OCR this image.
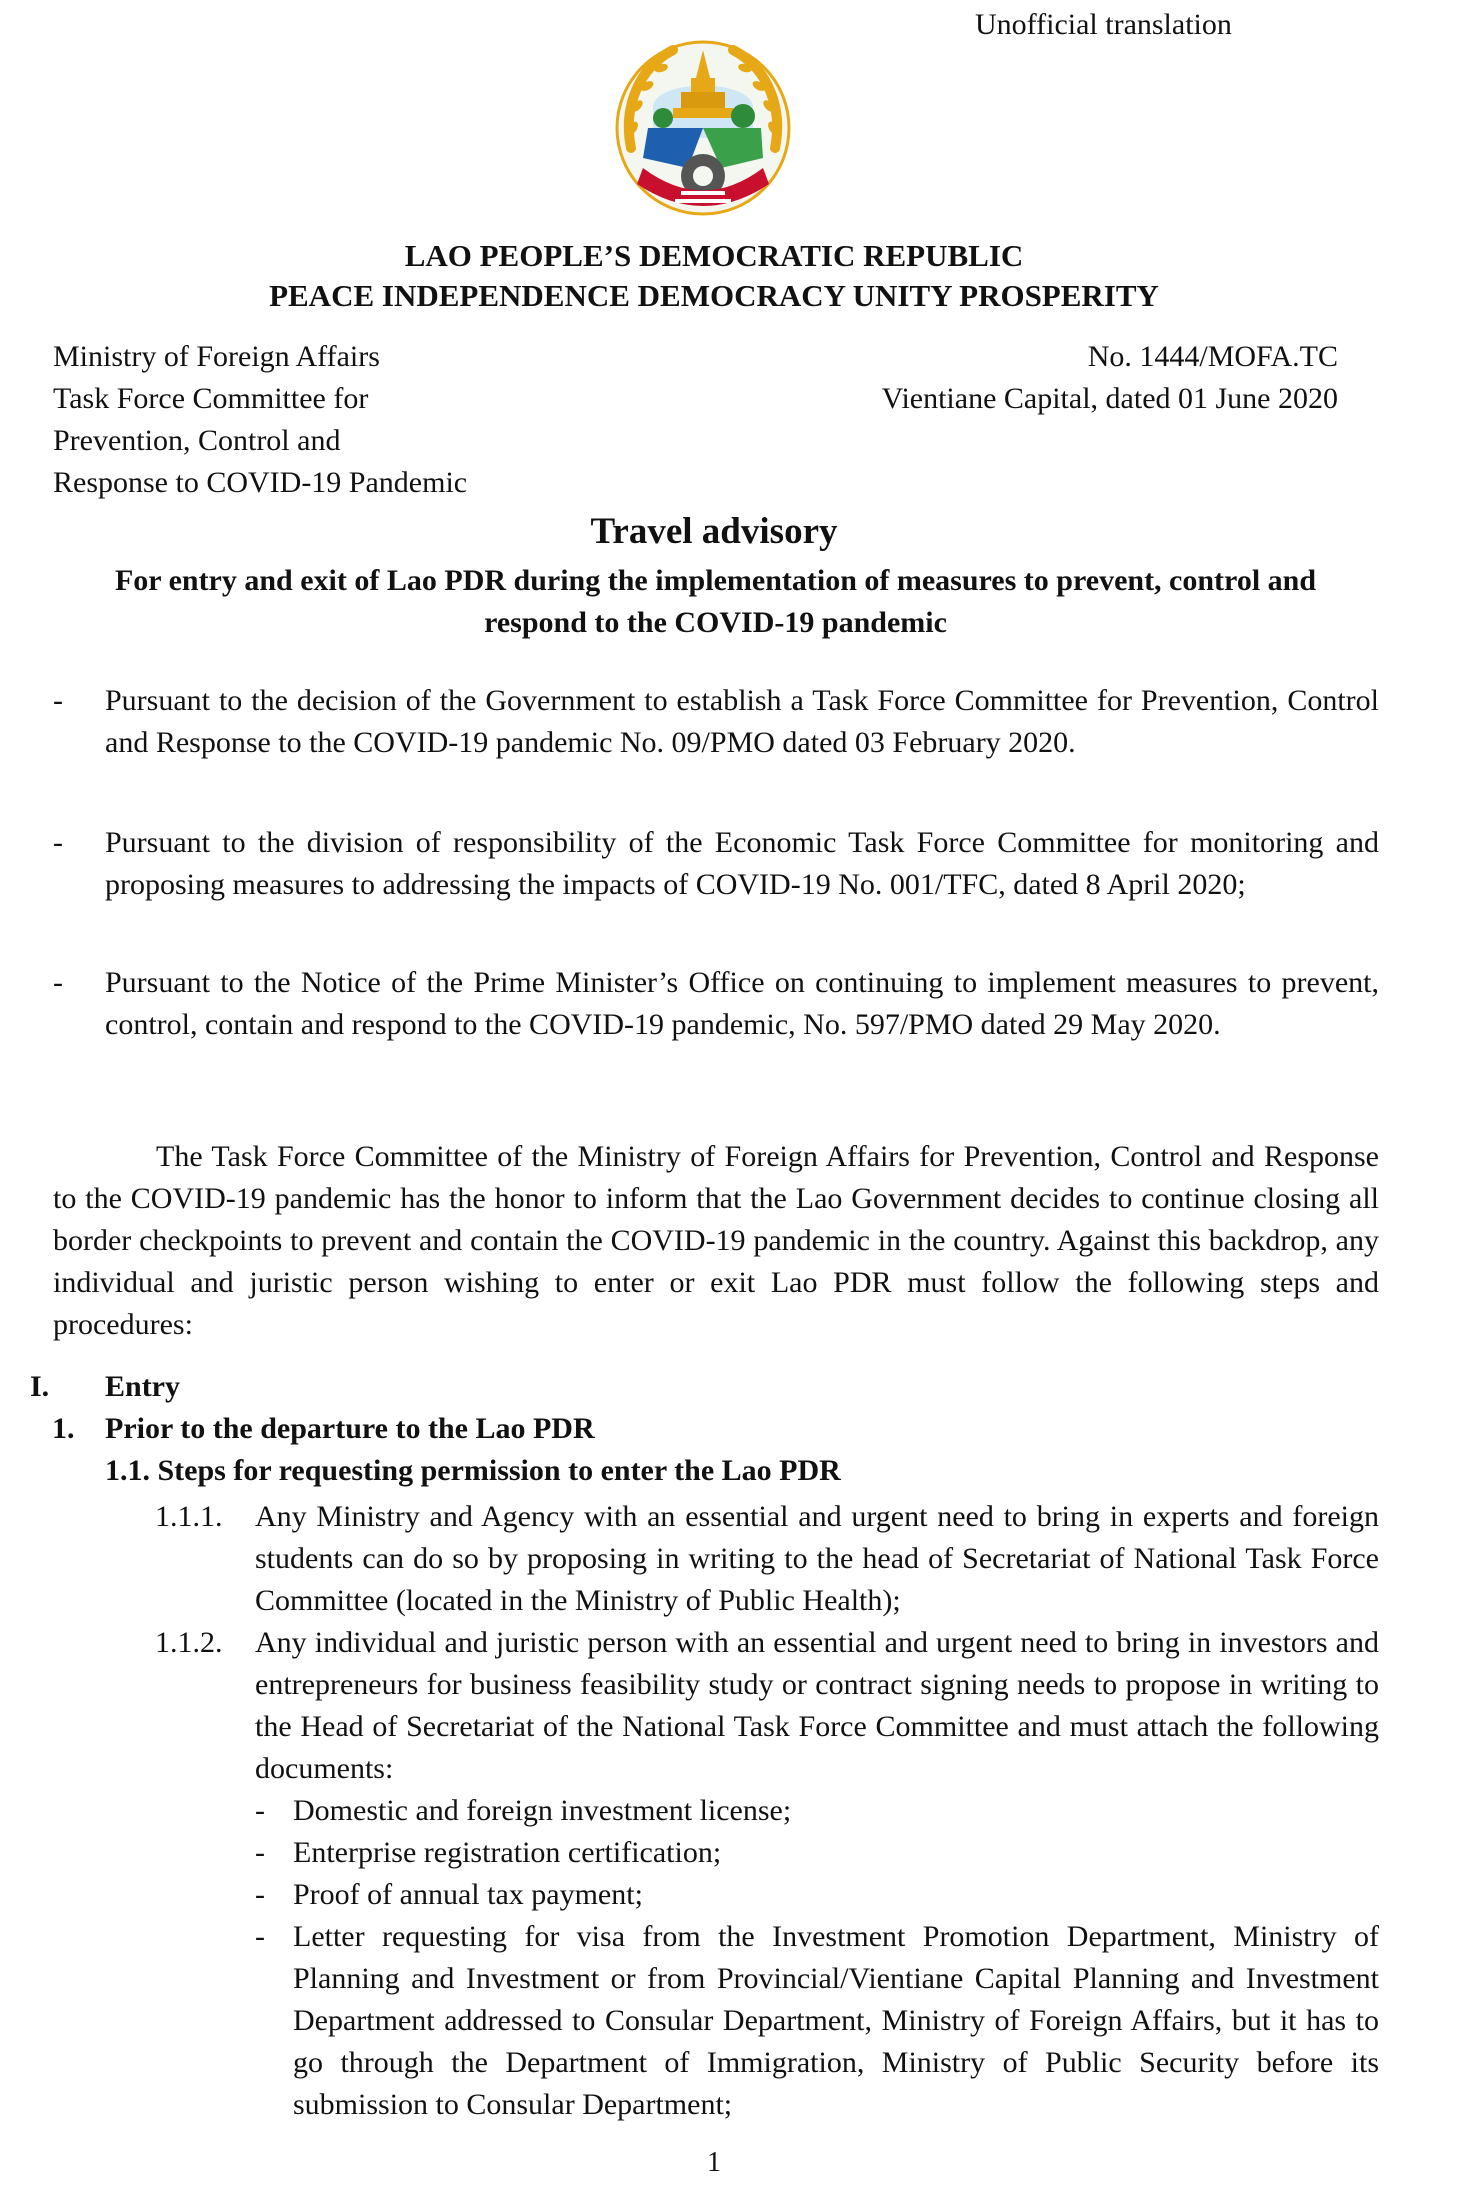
Unofficial translation
LAO PEOPLE’S DEMOCRATIC REPUBLIC
PEACE INDEPENDENCE DEMOCRACY UNITY PROSPERITY
Ministry of Foreign Affairs
Task Force Committee for
Prevention, Control and
Response to COVID-19 Pandemic
No. 1444/MOFA.TC
Vientiane Capital, dated 01 June 2020
Travel advisory
For entry and exit of Lao PDR during the implementation of measures to prevent, control and respond to the COVID-19 pandemic
- Pursuant to the decision of the Government to establish a Task Force Committee for Prevention, Control and Response to the COVID-19 pandemic No. 09/PMO dated 03 February 2020.
- Pursuant to the division of responsibility of the Economic Task Force Committee for monitoring and proposing measures to addressing the impacts of COVID-19 No. 001/TFC, dated 8 April 2020;
- Pursuant to the Notice of the Prime Minister’s Office on continuing to implement measures to prevent, control, contain and respond to the COVID-19 pandemic, No. 597/PMO dated 29 May 2020.
The Task Force Committee of the Ministry of Foreign Affairs for Prevention, Control and Response to the COVID-19 pandemic has the honor to inform that the Lao Government decides to continue closing all border checkpoints to prevent and contain the COVID-19 pandemic in the country. Against this backdrop, any individual and juristic person wishing to enter or exit Lao PDR must follow the following steps and procedures:
I. Entry
1. Prior to the departure to the Lao PDR
1.1. Steps for requesting permission to enter the Lao PDR
1.1.1. Any Ministry and Agency with an essential and urgent need to bring in experts and foreign students can do so by proposing in writing to the head of Secretariat of National Task Force Committee (located in the Ministry of Public Health);
1.1.2. Any individual and juristic person with an essential and urgent need to bring in investors and entrepreneurs for business feasibility study or contract signing needs to propose in writing to the Head of Secretariat of the National Task Force Committee and must attach the following documents:
- Domestic and foreign investment license;
- Enterprise registration certification;
- Proof of annual tax payment;
- Letter requesting for visa from the Investment Promotion Department, Ministry of Planning and Investment or from Provincial/Vientiane Capital Planning and Investment Department addressed to Consular Department, Ministry of Foreign Affairs, but it has to go through the Department of Immigration, Ministry of Public Security before its submission to Consular Department;
1
